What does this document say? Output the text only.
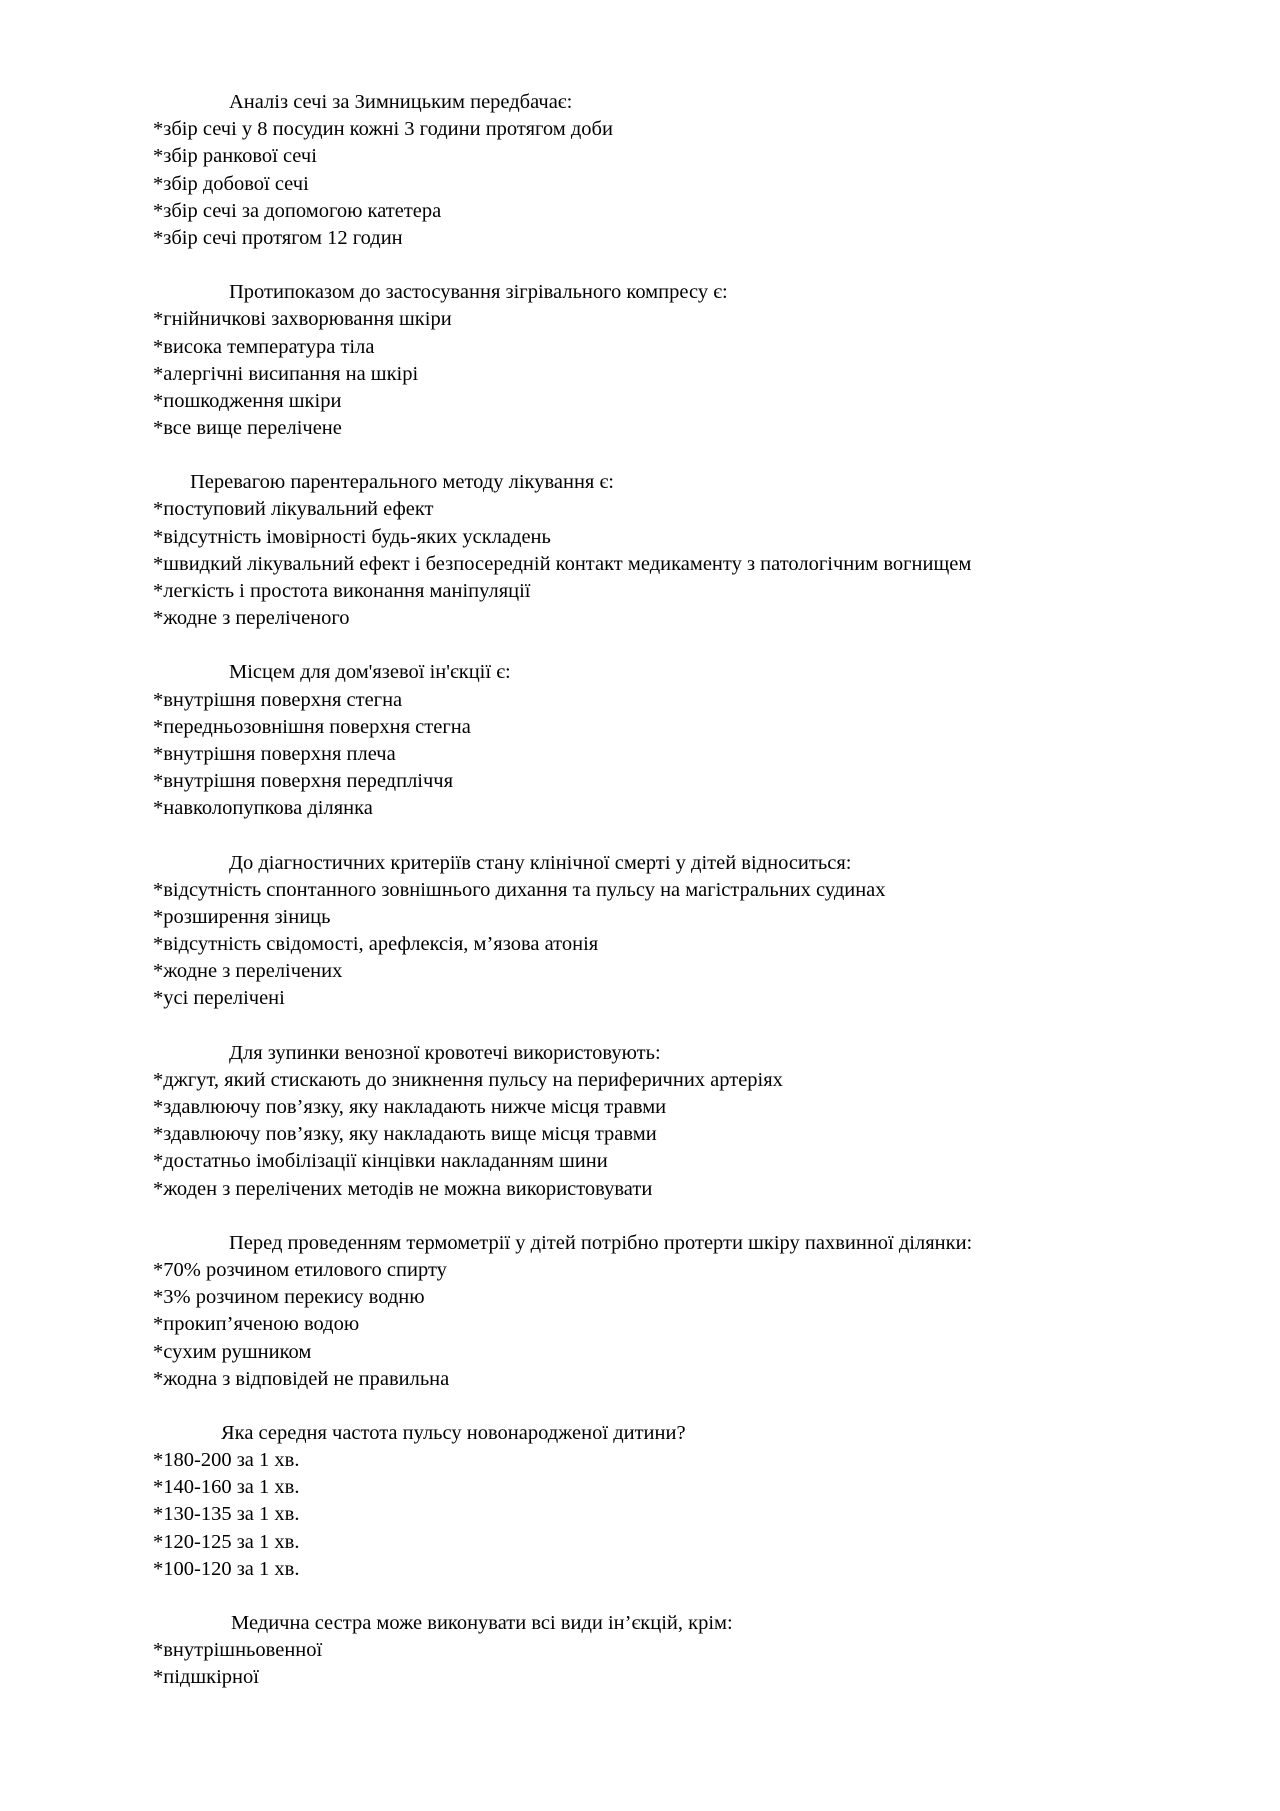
Аналіз сечі за Зимницьким передбачає:
*збір сечі у 8 посудин кожні 3 години протягом доби
*збір ранкової сечі
*збір добової сечі
*збір сечі за допомогою катетера
*збір сечі протягом 12 годин
Протипоказом до застосування зігрівального компресу є:
*гнійничкові захворювання шкіри
*висока температура тіла
*алергічні висипання на шкірі
*пошкодження шкіри
*все вище перелічене
Перевагою парентерального методу лікування є:
*поступовий лікувальний ефект
*відсутність імовірності будь-яких ускладень
*швидкий лікувальний ефект і безпосередній контакт медикаменту з патологічним вогнищем
*легкість і простота виконання маніпуляції
*жодне з переліченого
Місцем для дом'язевої ін'єкції є:
*внутрішня поверхня стегна
*передньозовнішня поверхня стегна
*внутрішня поверхня плеча
*внутрішня поверхня передпліччя
*навколопупкова ділянка
До діагностичних критеріїв стану клінічної смерті у дітей відноситься:
*відсутність спонтанного зовнішнього дихання та пульсу на магістральних судинах
*розширення зіниць
*відсутність свідомості, арефлексія, м’язова атонія
*жодне з перелічених
*усі перелічені
Для зупинки венозної кровотечі використовують:
*джгут, який стискають до зникнення пульсу на периферичних артеріях
*здавлюючу пов’язку, яку накладають нижче місця травми
*здавлюючу пов’язку, яку накладають вище місця травми
*достатньо імобілізації кінцівки накладанням шини
*жоден з перелічених методів не можна використовувати
Перед проведенням термометрії у дітей потрібно протерти шкіру пахвинної ділянки:
*70% розчином етилового спирту
*3% розчином перекису водню
*прокип’яченою водою
*сухим рушником
*жодна з відповідей не правильна
Яка середня частота пульсу новонародженої дитини?
*180-200 за 1 хв.
*140-160 за 1 хв.
*130-135 за 1 хв.
*120-125 за 1 хв.
*100-120 за 1 хв.
Медична сестра може виконувати всі види ін’єкцій, крім:
*внутрішньовенної
*підшкірної
